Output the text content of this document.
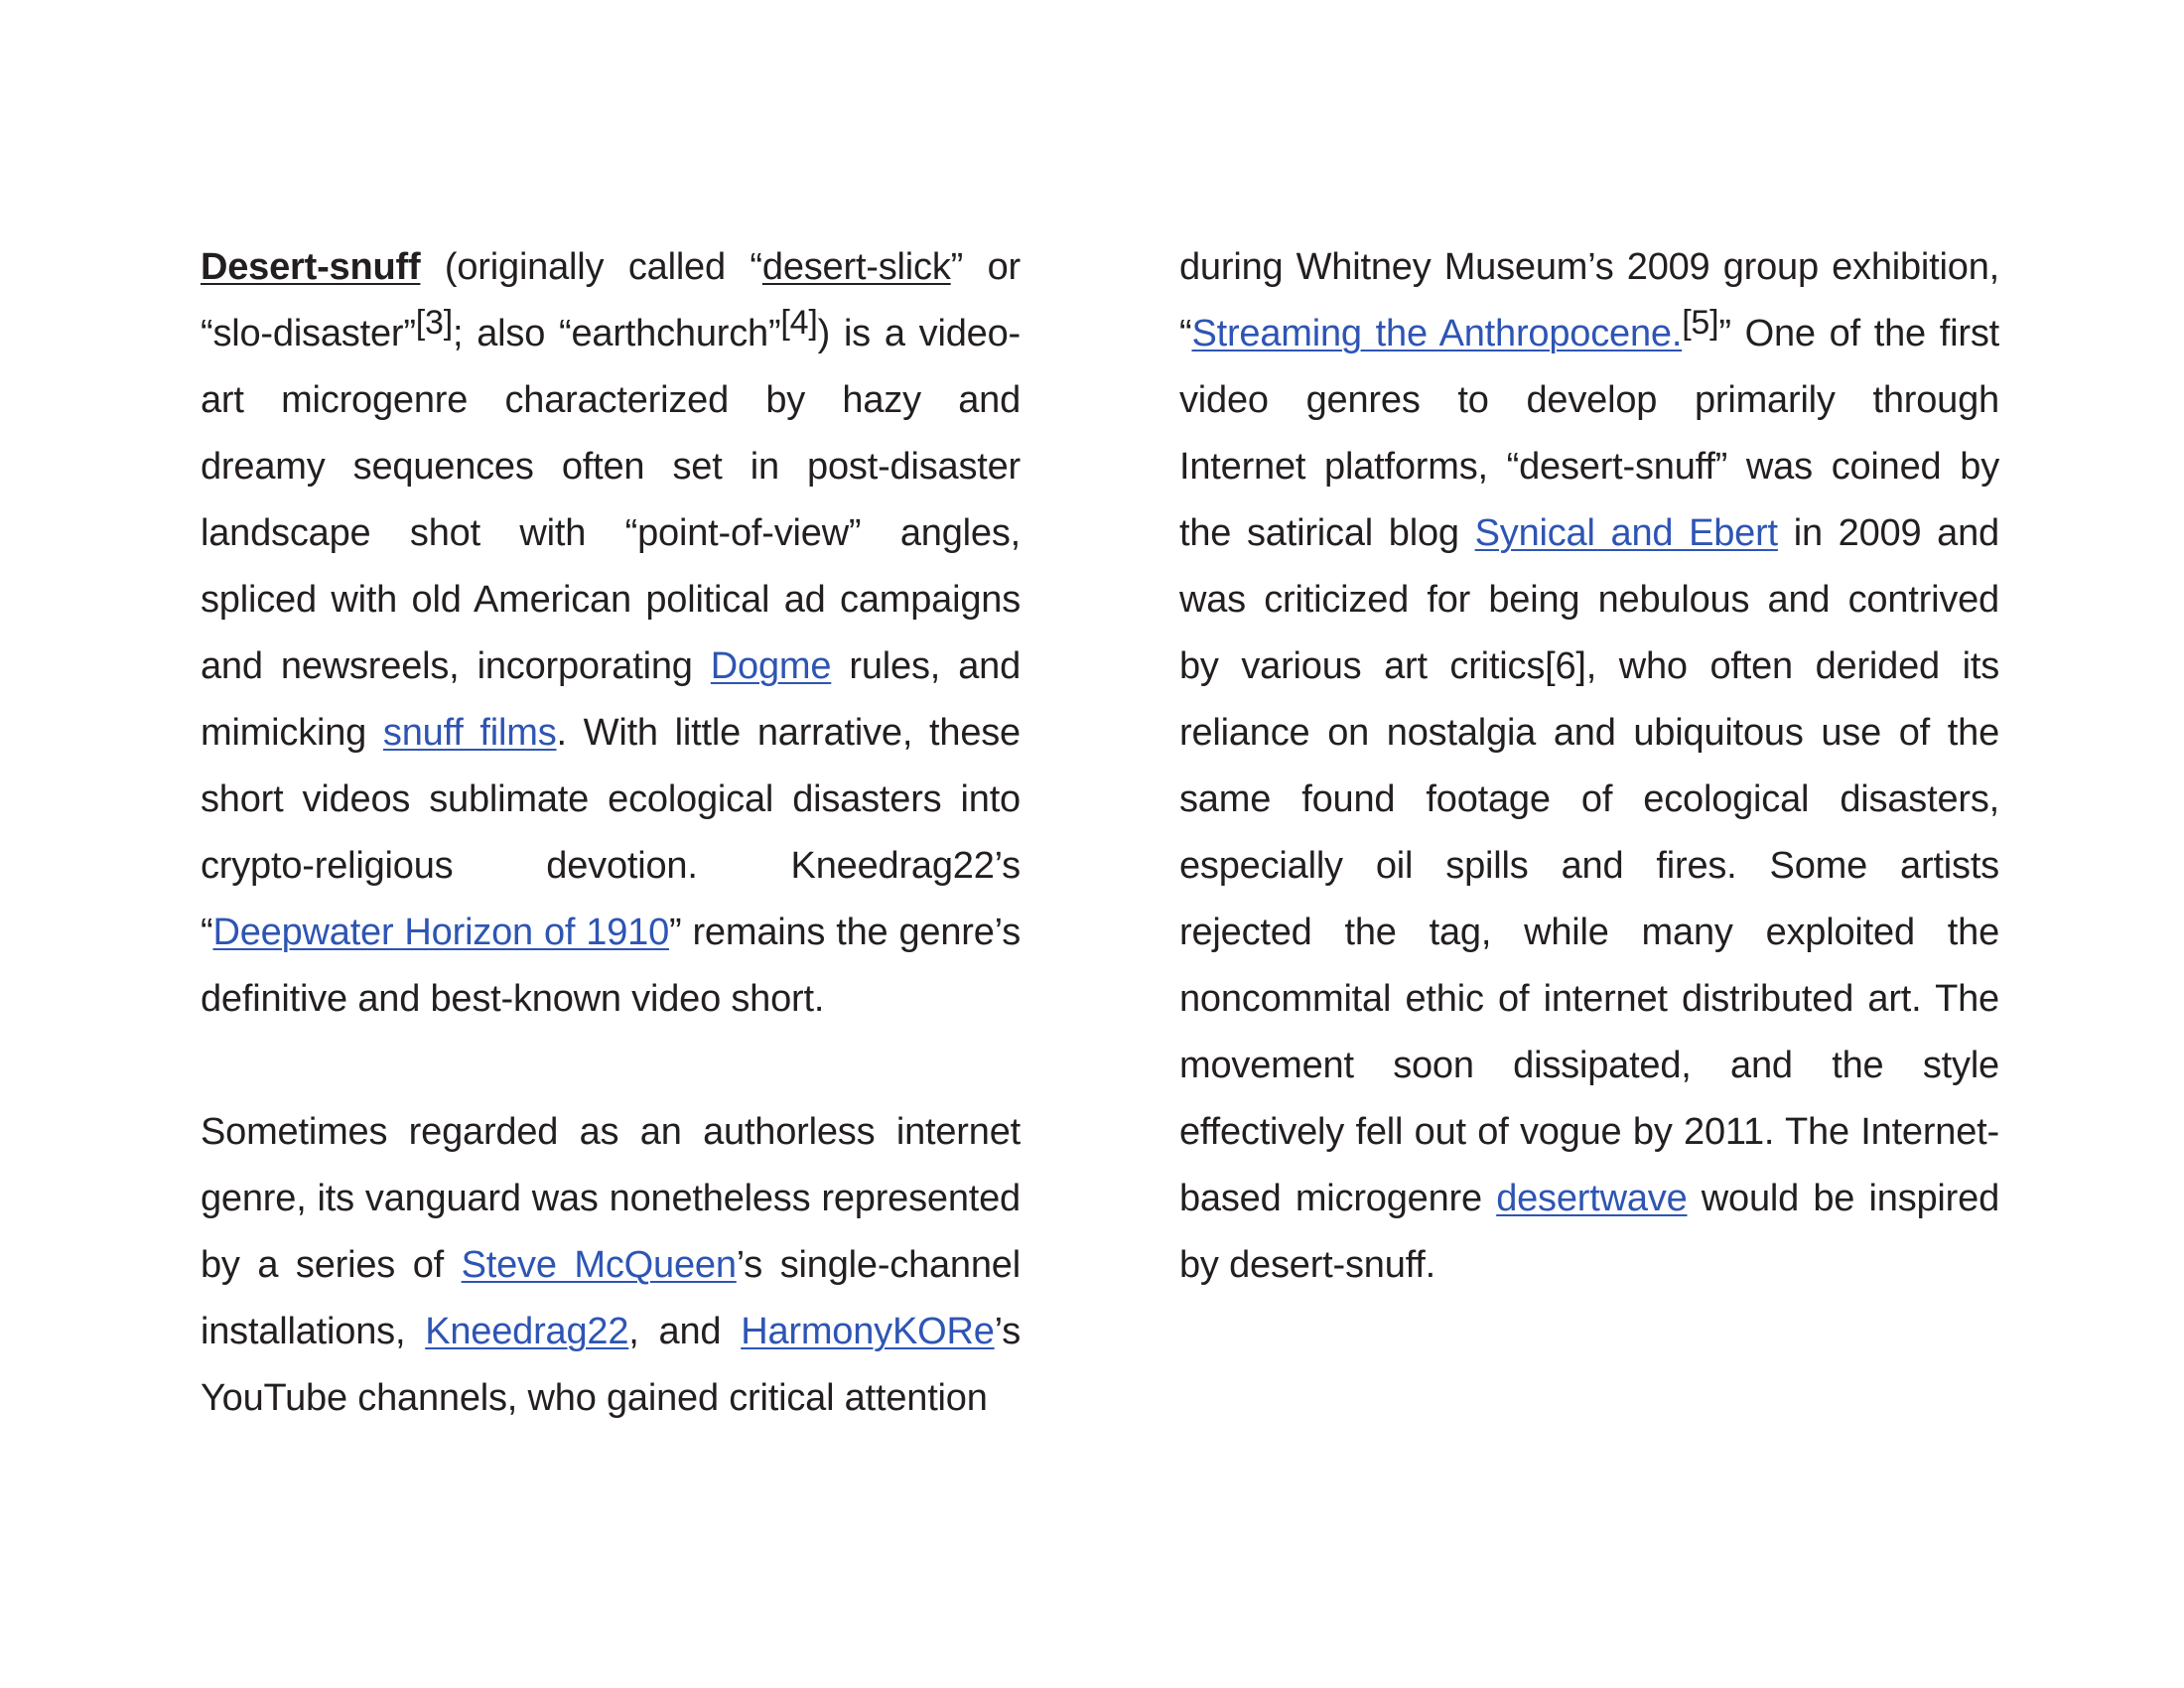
Desert-snuff (originally called “desert-slick” or “slo-disaster”[3]; also “earthchurch”[4]) is a video-art microgenre characterized by hazy and dreamy sequences often set in post-disaster landscape shot with “point-of-view” angles, spliced with old American political ad campaigns and newsreels, incorporating Dogme rules, and mimicking snuff films. With little narrative, these short videos sublimate ecological disasters into crypto-religious devotion. Kneedrag22’s “Deepwater Horizon of 1910” remains the genre’s definitive and best-known video short.

Sometimes regarded as an authorless internet genre, its vanguard was nonetheless represented by a series of Steve McQueen’s single-channel installations, Kneedrag22, and HarmonyKORe’s YouTube channels, who gained critical attention

during Whitney Museum’s 2009 group exhibition, “Streaming the Anthropocene.[5]” One of the first video genres to develop primarily through Internet platforms, “desert-snuff” was coined by the satirical blog Synical and Ebert in 2009 and was criticized for being nebulous and contrived by various art critics[6], who often derided its reliance on nostalgia and ubiquitous use of the same found footage of ecological disasters, especially oil spills and fires. Some artists rejected the tag, while many exploited the noncommital ethic of internet distributed art. The movement soon dissipated, and the style effectively fell out of vogue by 2011. The Internet-based microgenre desertwave would be inspired by desert-snuff.
